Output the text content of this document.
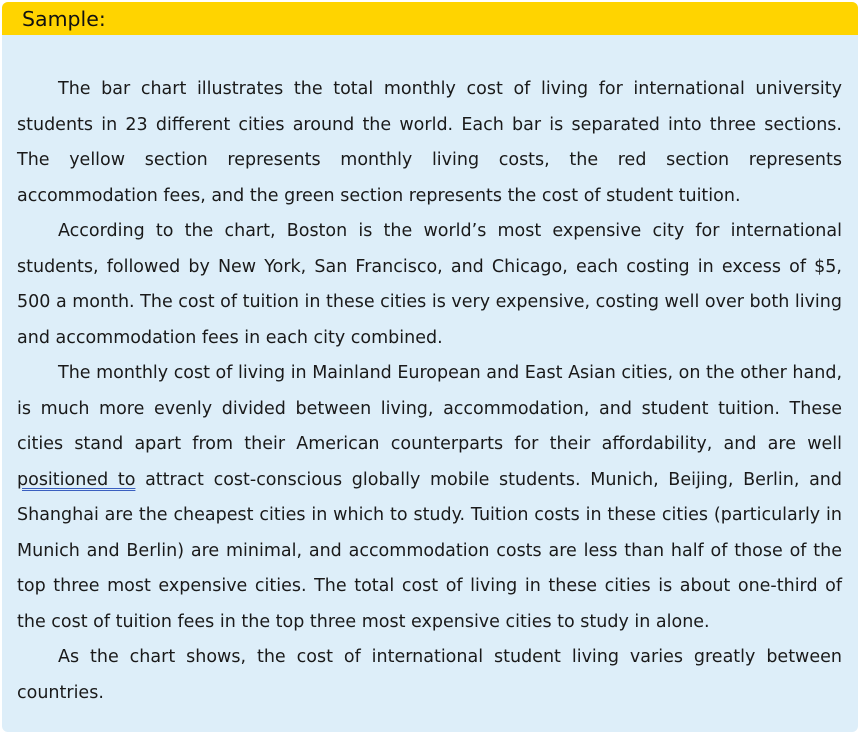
Sample:

The bar chart illustrates the total monthly cost of living for international university students in 23 different cities around the world. Each bar is separated into three sections. The yellow section represents monthly living costs, the red section represents accommodation fees, and the green section represents the cost of student tuition.

According to the chart, Boston is the world’s most expensive city for international students, followed by New York, San Francisco, and Chicago, each costing in excess of $5, 500 a month. The cost of tuition in these cities is very expensive, costing well over both living and accommodation fees in each city combined.

The monthly cost of living in Mainland European and East Asian cities, on the other hand, is much more evenly divided between living, accommodation, and student tuition. These cities stand apart from their American counterparts for their affordability, and are well positioned to attract cost-conscious globally mobile students. Munich, Beijing, Berlin, and Shanghai are the cheapest cities in which to study. Tuition costs in these cities (particularly in Munich and Berlin) are minimal, and accommodation costs are less than half of those of the top three most expensive cities. The total cost of living in these cities is about one-third of the cost of tuition fees in the top three most expensive cities to study in alone.

As the chart shows, the cost of international student living varies greatly between countries.
